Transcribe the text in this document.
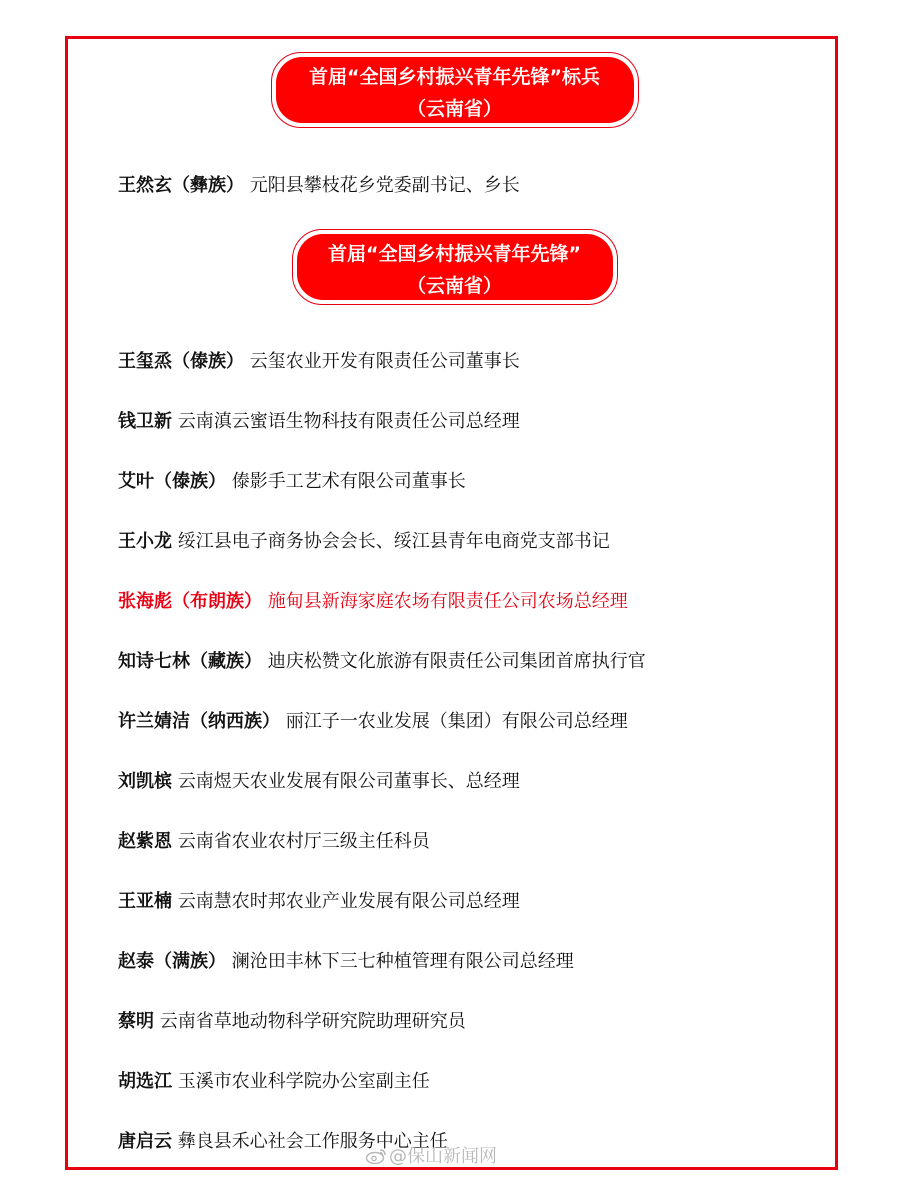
首届“全国乡村振兴青年先锋”标兵
（云南省）
王然玄（彝族） 元阳县攀枝花乡党委副书记、乡长
首届“全国乡村振兴青年先锋”
（云南省）
王玺烝（傣族） 云玺农业开发有限责任公司董事长
钱卫新 云南滇云蜜语生物科技有限责任公司总经理
艾叶（傣族） 傣影手工艺术有限公司董事长
王小龙 绥江县电子商务协会会长、绥江县青年电商党支部书记
张海彪（布朗族） 施甸县新海家庭农场有限责任公司农场总经理
知诗七林（藏族） 迪庆松赞文化旅游有限责任公司集团首席执行官
许兰婧洁（纳西族） 丽江子一农业发展（集团）有限公司总经理
刘凯槟 云南煜天农业发展有限公司董事长、总经理
赵紫恩 云南省农业农村厅三级主任科员
王亚楠 云南慧农时邦农业产业发展有限公司总经理
赵泰（满族） 澜沧田丰林下三七种植管理有限公司总经理
蔡明 云南省草地动物科学研究院助理研究员
胡选江 玉溪市农业科学院办公室副主任
唐启云 彝良县禾心社会工作服务中心主任
@保山新闻网
